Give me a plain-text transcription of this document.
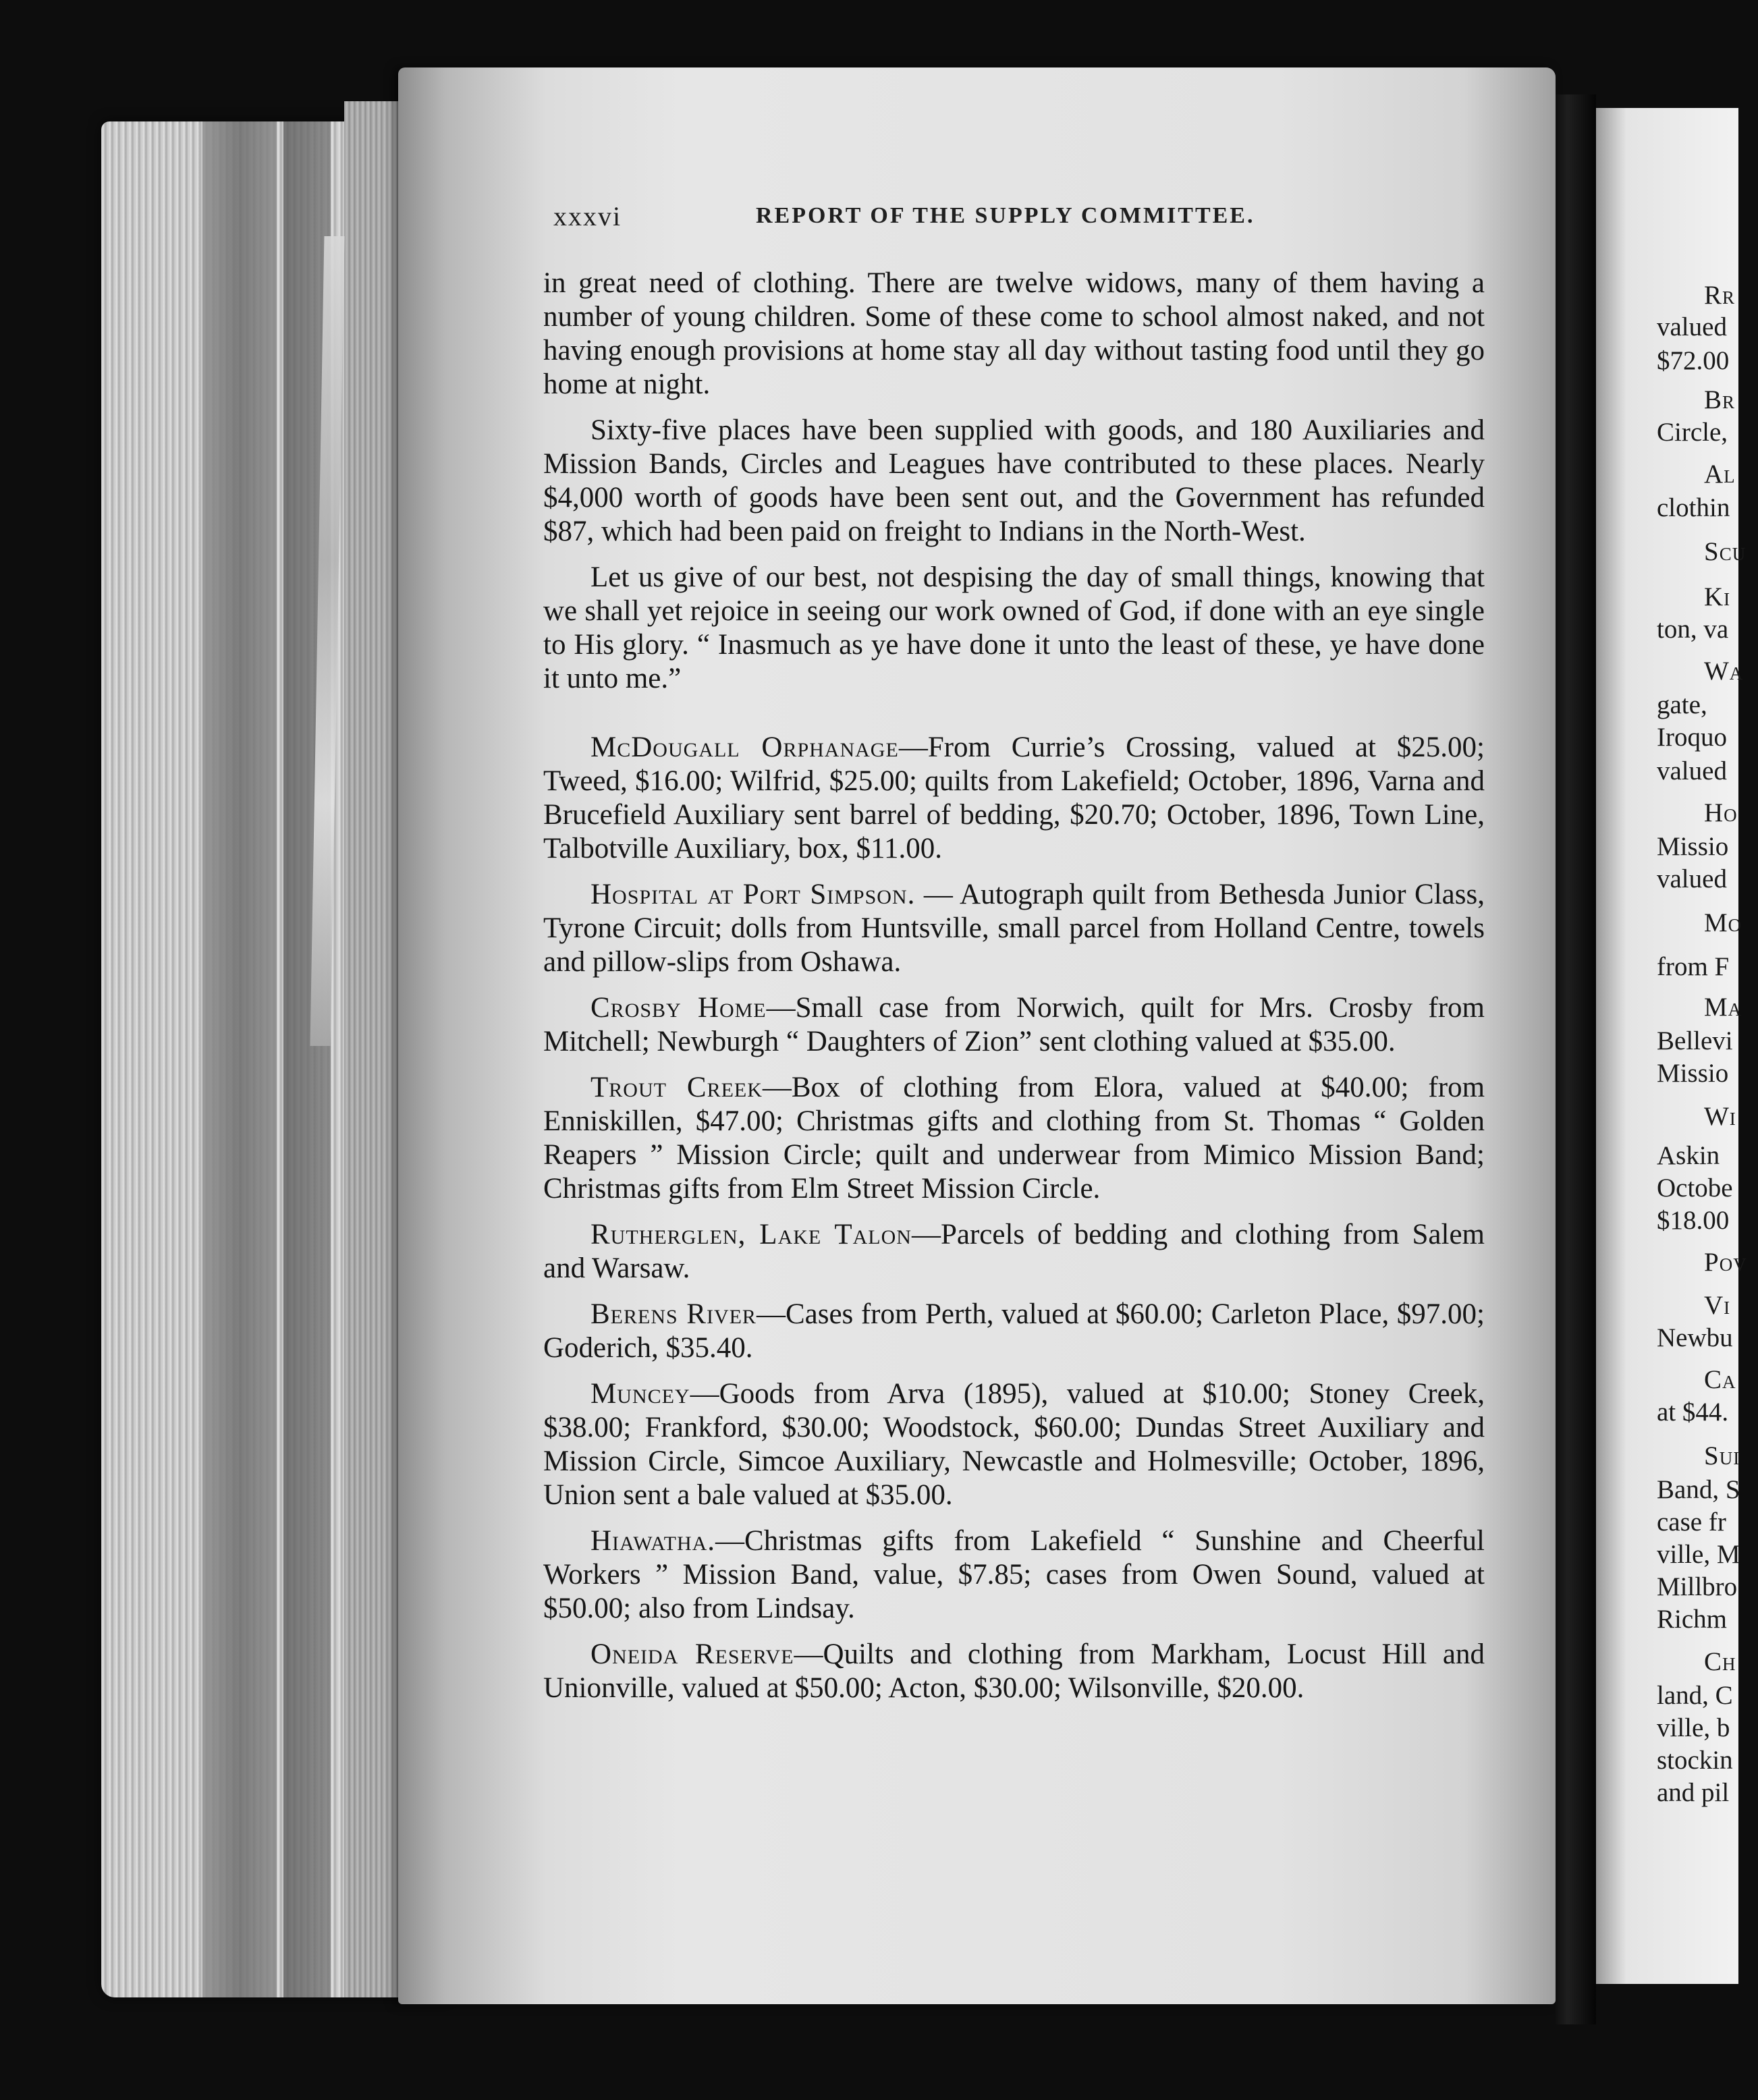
xxxvi	REPORT OF THE SUPPLY COMMITTEE.

in great need of clothing. There are twelve widows, many of them having a number of young children. Some of these come to school almost naked, and not having enough provisions at home stay all day without tasting food until they go home at night.

Sixty-five places have been supplied with goods, and 180 Auxiliaries and Mission Bands, Circles and Leagues have contributed to these places. Nearly $4,000 worth of goods have been sent out, and the Government has refunded $87, which had been paid on freight to Indians in the North-West.

Let us give of our best, not despising the day of small things, knowing that we shall yet rejoice in seeing our work owned of God, if done with an eye single to His glory. “ Inasmuch as ye have done it unto the least of these, ye have done it unto me.”

McDougall Orphanage—From Currie’s Crossing, valued at $25.00; Tweed, $16.00; Wilfrid, $25.00; quilts from Lakefield; October, 1896, Varna and Brucefield Auxiliary sent barrel of bedding, $20.70; October, 1896, Town Line, Talbotville Auxiliary, box, $11.00.

Hospital at Port Simpson. — Autograph quilt from Bethesda Junior Class, Tyrone Circuit; dolls from Huntsville, small parcel from Holland Centre, towels and pillow-slips from Oshawa.

Crosby Home—Small case from Norwich, quilt for Mrs. Crosby from Mitchell; Newburgh “ Daughters of Zion” sent clothing valued at $35.00.

Trout Creek—Box of clothing from Elora, valued at $40.00; from Enniskillen, $47.00; Christmas gifts and clothing from St. Thomas “ Golden Reapers ” Mission Circle; quilt and underwear from Mimico Mission Band; Christmas gifts from Elm Street Mission Circle.

Rutherglen, Lake Talon—Parcels of bedding and clothing from Salem and Warsaw.

Berens River—Cases from Perth, valued at $60.00; Carleton Place, $97.00; Goderich, $35.40.

Muncey—Goods from Arva (1895), valued at $10.00; Stoney Creek, $38.00; Frankford, $30.00; Woodstock, $60.00; Dundas Street Auxiliary and Mission Circle, Simcoe Auxiliary, Newcastle and Holmesville; October, 1896, Union sent a bale valued at $35.00.

Hiawatha.—Christmas gifts from Lakefield “ Sunshine and Cheerful Workers ” Mission Band, value, $7.85; cases from Owen Sound, valued at $50.00; also from Lindsay.

Oneida Reserve—Quilts and clothing from Markham, Locust Hill and Unionville, valued at $50.00; Acton, $30.00; Wilsonville, $20.00.

Rr
valued
$72.00
Br
Circle,
Al
clothin
Scu
Ki
ton, va
Wa
gate,
Iroquo
valued
Ho
Missio
valued
Mo
from F
Ma
Bellevi
Missio
Wi
Askin
Octobe
$18.00
Pov
Vi
Newbu
Ca
at $44.
Sui
Band, S
case fr
ville, M
Millbro
Richm
Ch
land, C
ville, b
stockin
and pil
